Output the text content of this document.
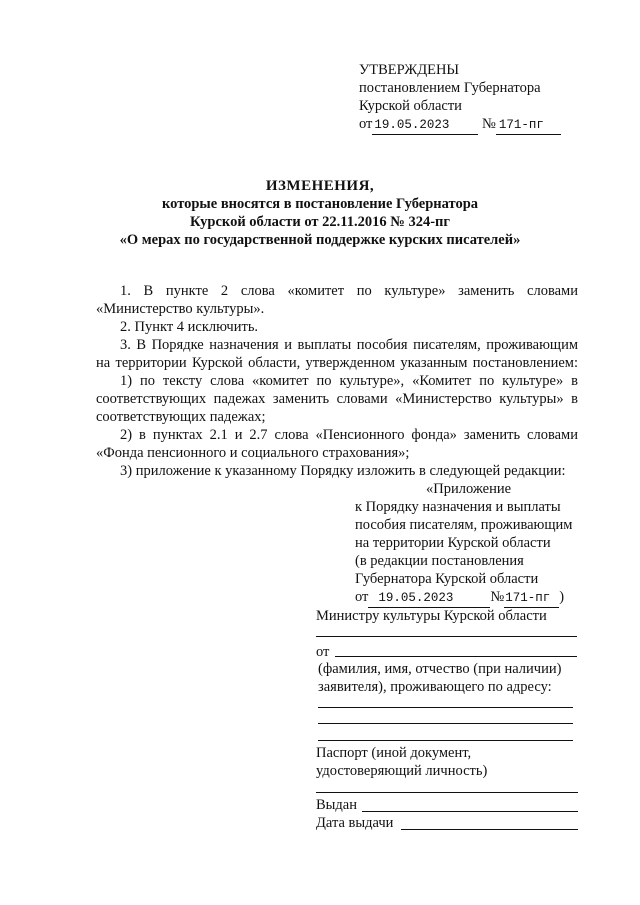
УТВЕРЖДЕНЫ
постановлением Губернатора
Курской области
от 19.05.2023 № 171-пг
ИЗМЕНЕНИЯ,
которые вносятся в постановление Губернатора
Курской области от 22.11.2016 № 324-пг
«О мерах по государственной поддержке курских писателей»
1. В пункте 2 слова «комитет по культуре» заменить словами
«Министерство культуры».
2. Пункт 4 исключить.
3. В Порядке назначения и выплаты пособия писателям, проживающим
на территории Курской области, утвержденном указанным постановлением:
1) по тексту слова «комитет по культуре», «Комитет по культуре» в
соответствующих падежах заменить словами «Министерство культуры» в
соответствующих падежах;
2) в пунктах 2.1 и 2.7 слова «Пенсионного фонда» заменить словами
«Фонда пенсионного и социального страхования»;
3) приложение к указанному Порядку изложить в следующей редакции:
«Приложение
к Порядку назначения и выплаты
пособия писателям, проживающим
на территории Курской области
(в редакции постановления
Губернатора Курской области
от 19.05.2023	№171-пг )
Министру культуры Курской области
от
(фамилия, имя, отчество (при наличии)
заявителя), проживающего по адресу:
Паспорт (иной документ,
удостоверяющий личность)
Выдан
Дата выдачи
